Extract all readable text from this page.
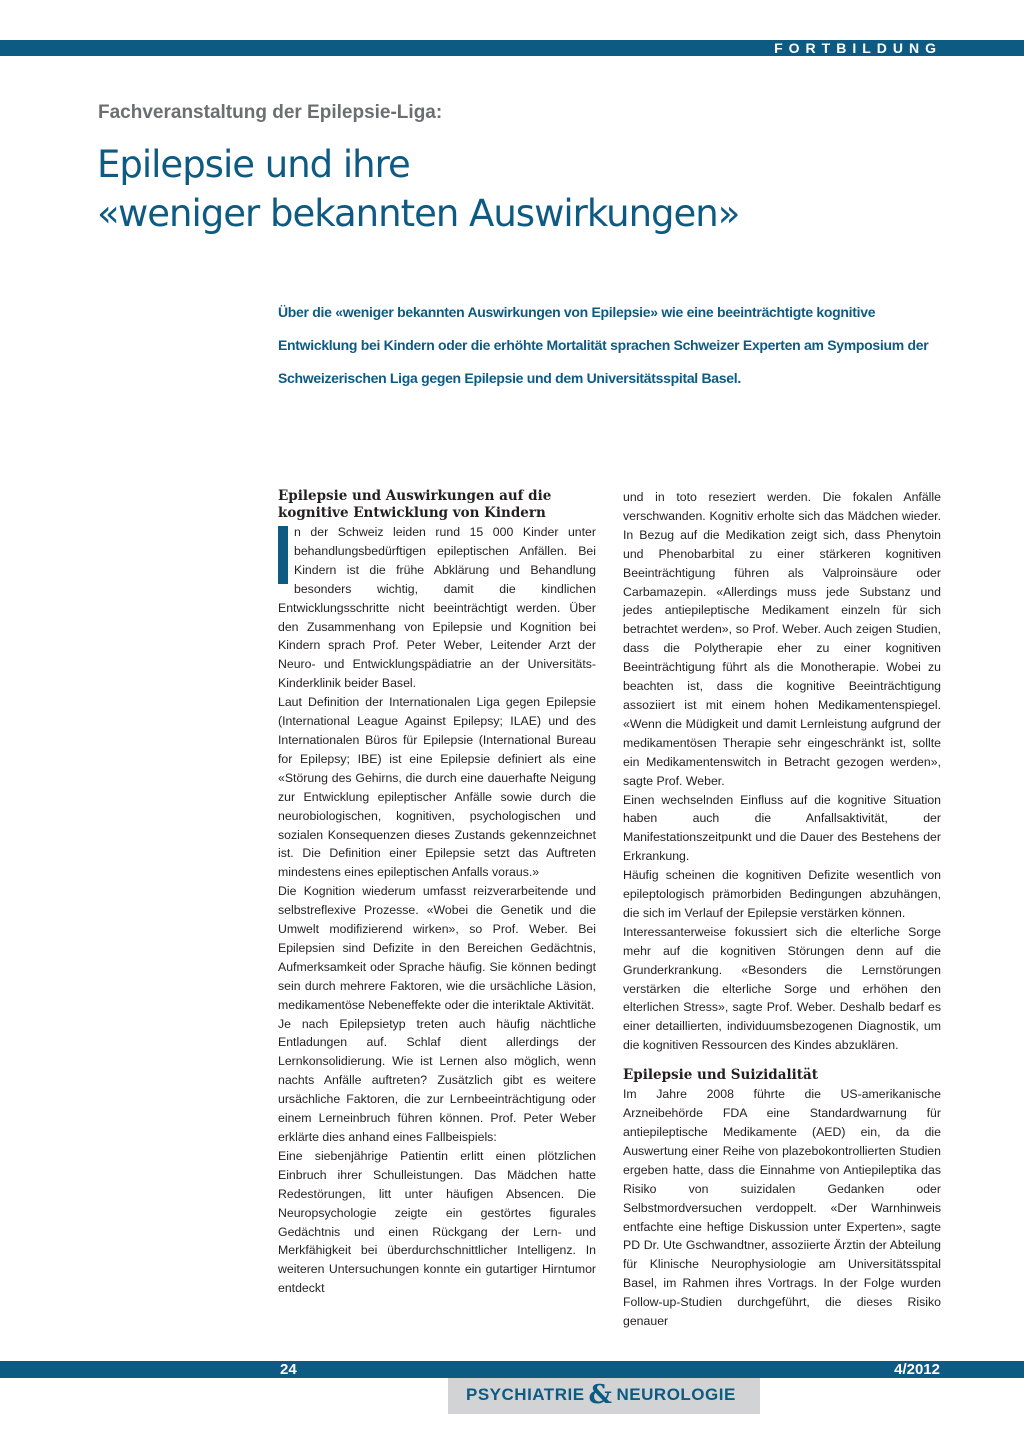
FORTBILDUNG
Fachveranstaltung der Epilepsie-Liga:
Epilepsie und ihre
«weniger bekannten Auswirkungen»

Über die «weniger bekannten Auswirkungen von Epilepsie» wie eine beeinträchtigte kognitive Entwicklung bei Kindern oder die erhöhte Mortalität sprachen Schweizer Experten am Symposium der Schweizerischen Liga gegen Epilepsie und dem Universitätsspital Basel.

Epilepsie und Auswirkungen auf die kognitive Entwicklung von Kindern

n der Schweiz leiden rund 15 000 Kinder unter behandlungsbedürftigen epileptischen Anfällen. Bei Kindern ist die frühe Abklärung und Behandlung besonders wichtig, damit die kindlichen Entwicklungsschritte nicht beeinträchtigt werden. Über den Zusammenhang von Epilepsie und Kognition bei Kindern sprach Prof. Peter Weber, Leitender Arzt der Neuro- und Entwicklungspädiatrie an der Universitäts-Kinderklinik beider Basel.

Laut Definition der Internationalen Liga gegen Epilepsie (International League Against Epilepsy; ILAE) und des Internationalen Büros für Epilepsie (International Bureau for Epilepsy; IBE) ist eine Epilepsie definiert als eine «Störung des Gehirns, die durch eine dauerhafte Neigung zur Entwicklung epileptischer Anfälle sowie durch die neurobiologischen, kognitiven, psychologischen und sozialen Konsequenzen dieses Zustands gekennzeichnet ist. Die Definition einer Epilepsie setzt das Auftreten mindestens eines epileptischen Anfalls voraus.»

Die Kognition wiederum umfasst reizverarbeitende und selbstreflexive Prozesse. «Wobei die Genetik und die Umwelt modifizierend wirken», so Prof. Weber. Bei Epilepsien sind Defizite in den Bereichen Gedächtnis, Aufmerksamkeit oder Sprache häufig. Sie können bedingt sein durch mehrere Faktoren, wie die ursächliche Läsion, medikamentöse Nebeneffekte oder die interiktale Aktivität.

Je nach Epilepsietyp treten auch häufig nächtliche Entladungen auf. Schlaf dient allerdings der Lernkonsolidierung. Wie ist Lernen also möglich, wenn nachts Anfälle auftreten? Zusätzlich gibt es weitere ursächliche Faktoren, die zur Lernbeeinträchtigung oder einem Lerneinbruch führen können. Prof. Peter Weber erklärte dies anhand eines Fallbeispiels:

Eine siebenjährige Patientin erlitt einen plötzlichen Einbruch ihrer Schulleistungen. Das Mädchen hatte Redestörungen, litt unter häufigen Absencen. Die Neuropsychologie zeigte ein gestörtes figurales Gedächtnis und einen Rückgang der Lern- und Merkfähigkeit bei überdurchschnittlicher Intelligenz. In weiteren Untersuchungen konnte ein gutartiger Hirntumor entdeckt

und in toto reseziert werden. Die fokalen Anfälle verschwanden. Kognitiv erholte sich das Mädchen wieder. In Bezug auf die Medikation zeigt sich, dass Phenytoin und Phenobarbital zu einer stärkeren kognitiven Beeinträchtigung führen als Valproinsäure oder Carbamazepin. «Allerdings muss jede Substanz und jedes antiepileptische Medikament einzeln für sich betrachtet werden», so Prof. Weber. Auch zeigen Studien, dass die Polytherapie eher zu einer kognitiven Beeinträchtigung führt als die Monotherapie. Wobei zu beachten ist, dass die kognitive Beeinträchtigung assoziiert ist mit einem hohen Medikamentenspiegel. «Wenn die Müdigkeit und damit Lernleistung aufgrund der medikamentösen Therapie sehr eingeschränkt ist, sollte ein Medikamentenswitch in Betracht gezogen werden», sagte Prof. Weber.

Einen wechselnden Einfluss auf die kognitive Situation haben auch die Anfallsaktivität, der Manifestationszeitpunkt und die Dauer des Bestehens der Erkrankung.

Häufig scheinen die kognitiven Defizite wesentlich von epileptologisch prämorbiden Bedingungen abzuhängen, die sich im Verlauf der Epilepsie verstärken können.

Interessanterweise fokussiert sich die elterliche Sorge mehr auf die kognitiven Störungen denn auf die Grunderkrankung. «Besonders die Lernstörungen verstärken die elterliche Sorge und erhöhen den elterlichen Stress», sagte Prof. Weber. Deshalb bedarf es einer detaillierten, individuumsbezogenen Diagnostik, um die kognitiven Ressourcen des Kindes abzuklären.

Epilepsie und Suizidalität

Im Jahre 2008 führte die US-amerikanische Arzneibehörde FDA eine Standardwarnung für antiepileptische Medikamente (AED) ein, da die Auswertung einer Reihe von plazebokontrollierten Studien ergeben hatte, dass die Einnahme von Antiepileptika das Risiko von suizidalen Gedanken oder Selbstmordversuchen verdoppelt. «Der Warnhinweis entfachte eine heftige Diskussion unter Experten», sagte PD Dr. Ute Gschwandtner, assoziierte Ärztin der Abteilung für Klinische Neurophysiologie am Universitätsspital Basel, im Rahmen ihres Vortrags. In der Folge wurden Follow-up-Studien durchgeführt, die dieses Risiko genauer

24	4/2012
PSYCHIATRIE & NEUROLOGIE
